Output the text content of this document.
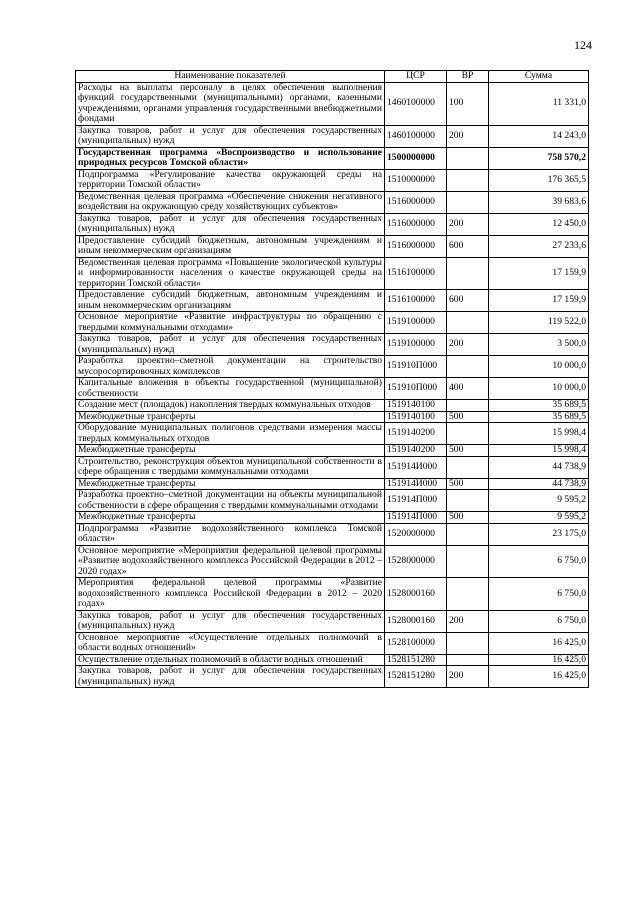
124
Наименование показателей	ЦСР	ВР	Сумма
Расходы на выплаты персоналу в целях обеспечения выполнения функций государственными (муниципальными) органами, казенными учреждениями, органами управления государственными внебюджетными фондами	1460100000	100	11 331,0
Закупка товаров, работ и услуг для обеспечения государственных (муниципальных) нужд	1460100000	200	14 243,0
Государственная программа «Воспроизводство и использование природных ресурсов Томской области»	1500000000		758 570,2
Подпрограмма «Регулирование качества окружающей среды на территории Томской области»	1510000000		176 365,5
Ведомственная целевая программа «Обеспечение снижения негативного воздействия на окружающую среду хозяйствующих субъектов»	1516000000		39 683,6
Закупка товаров, работ и услуг для обеспечения государственных (муниципальных) нужд	1516000000	200	12 450,0
Предоставление субсидий бюджетным, автономным учреждениям и иным некоммерческим организациям	1516000000	600	27 233,6
Ведомственная целевая программа «Повышение экологической культуры и информированности населения о качестве окружающей среды на территории Томской области»	1516100000		17 159,9
Предоставление субсидий бюджетным, автономным учреждениям и иным некоммерческим организациям	1516100000	600	17 159,9
Основное мероприятие «Развитие инфраструктуры по обращению с твердыми коммунальными отходами»	1519100000		119 522,0
Закупка товаров, работ и услуг для обеспечения государственных (муниципальных) нужд	1519100000	200	3 500,0
Разработка проектно–сметной документации на строительство мусоросортировочных комплексов	151910П000		10 000,0
Капитальные вложения в объекты государственной (муниципальной) собственности	151910П000	400	10 000,0
Создание мест (площадок) накопления твердых коммунальных отходов	1519140100		35 689,5
Межбюджетные трансферты	1519140100	500	35 689,5
Оборудование муниципальных полигонов средствами измерения массы твердых коммунальных отходов	1519140200		15 998,4
Межбюджетные трансферты	1519140200	500	15 998,4
Строительство, реконструкция объектов муниципальной собственности в сфере обращения с твердыми коммунальными отходами	151914И000		44 738,9
Межбюджетные трансферты	151914И000	500	44 738,9
Разработка проектно–сметной документации на объекты муниципальной собственности в сфере обращения с твердыми коммунальными отходами	151914П000		9 595,2
Межбюджетные трансферты	151914П000	500	9 595,2
Подпрограмма «Развитие водохозяйственного комплекса Томской области»	1520000000		23 175,0
Основное мероприятие «Мероприятия федеральной целевой программы «Развитие водохозяйственного комплекса Российской Федерации в 2012 – 2020 годах»	1528000000		6 750,0
Мероприятия федеральной целевой программы «Развитие водохозяйственного комплекса Российской Федерации в 2012 – 2020 годах»	1528000160		6 750,0
Закупка товаров, работ и услуг для обеспечения государственных (муниципальных) нужд	1528000160	200	6 750,0
Основное мероприятие «Осуществление отдельных полномочий в области водных отношений»	1528100000		16 425,0
Осуществление отдельных полномочий в области водных отношений	1528151280		16 425,0
Закупка товаров, работ и услуг для обеспечения государственных (муниципальных) нужд	1528151280	200	16 425,0
